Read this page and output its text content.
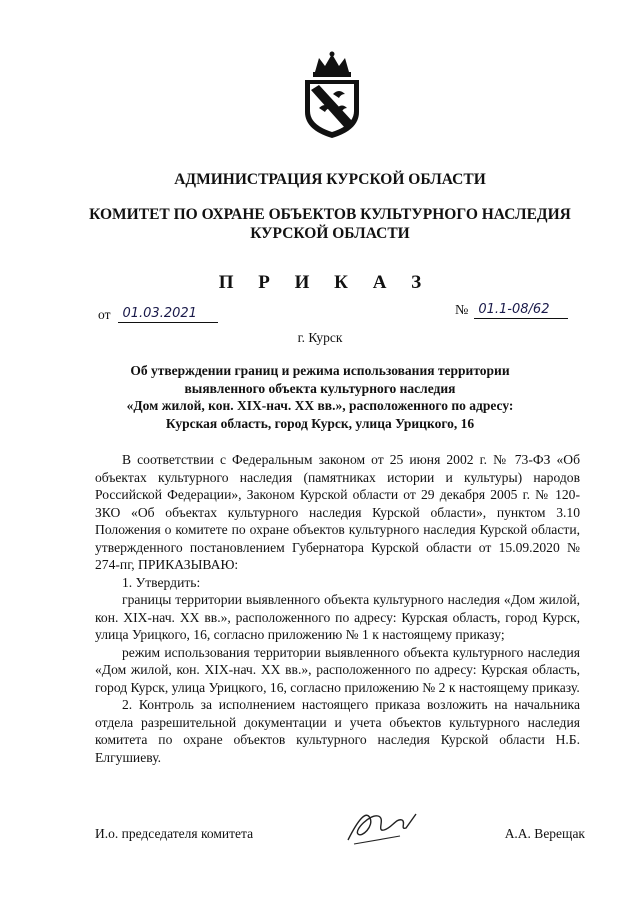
АДМИНИСТРАЦИЯ КУРСКОЙ ОБЛАСТИ
КОМИТЕТ ПО ОХРАНЕ ОБЪЕКТОВ КУЛЬТУРНОГО НАСЛЕДИЯ
КУРСКОЙ ОБЛАСТИ
П Р И К А З
от 01.03.2021	№ 01.1-08/62
г. Курск
Об утверждении границ и режима использования территории
выявленного объекта культурного наследия
«Дом жилой, кон. XIX-нач. XX вв.», расположенного по адресу:
Курская область, город Курск, улица Урицкого, 16

В соответствии с Федеральным законом от 25 июня 2002 г. № 73-ФЗ «Об объектах культурного наследия (памятниках истории и культуры) народов Российской Федерации», Законом Курской области от 29 декабря 2005 г. № 120-ЗКО «Об объектах культурного наследия Курской области», пунктом 3.10 Положения о комитете по охране объектов культурного наследия Курской области, утвержденного постановлением Губернатора Курской области от 15.09.2020 № 274-пг, ПРИКАЗЫВАЮ:

1. Утвердить:

границы территории выявленного объекта культурного наследия «Дом жилой, кон. XIX-нач. XX вв.», расположенного по адресу: Курская область, город Курск, улица Урицкого, 16, согласно приложению № 1 к настоящему приказу;

режим использования территории выявленного объекта культурного наследия «Дом жилой, кон. XIX-нач. XX вв.», расположенного по адресу: Курская область, город Курск, улица Урицкого, 16, согласно приложению № 2 к настоящему приказу.

2. Контроль за исполнением настоящего приказа возложить на начальника отдела разрешительной документации и учета объектов культурного наследия комитета по охране объектов культурного наследия Курской области Н.Б. Елгушиеву.

И.о. председателя комитета	А.А. Верещак
